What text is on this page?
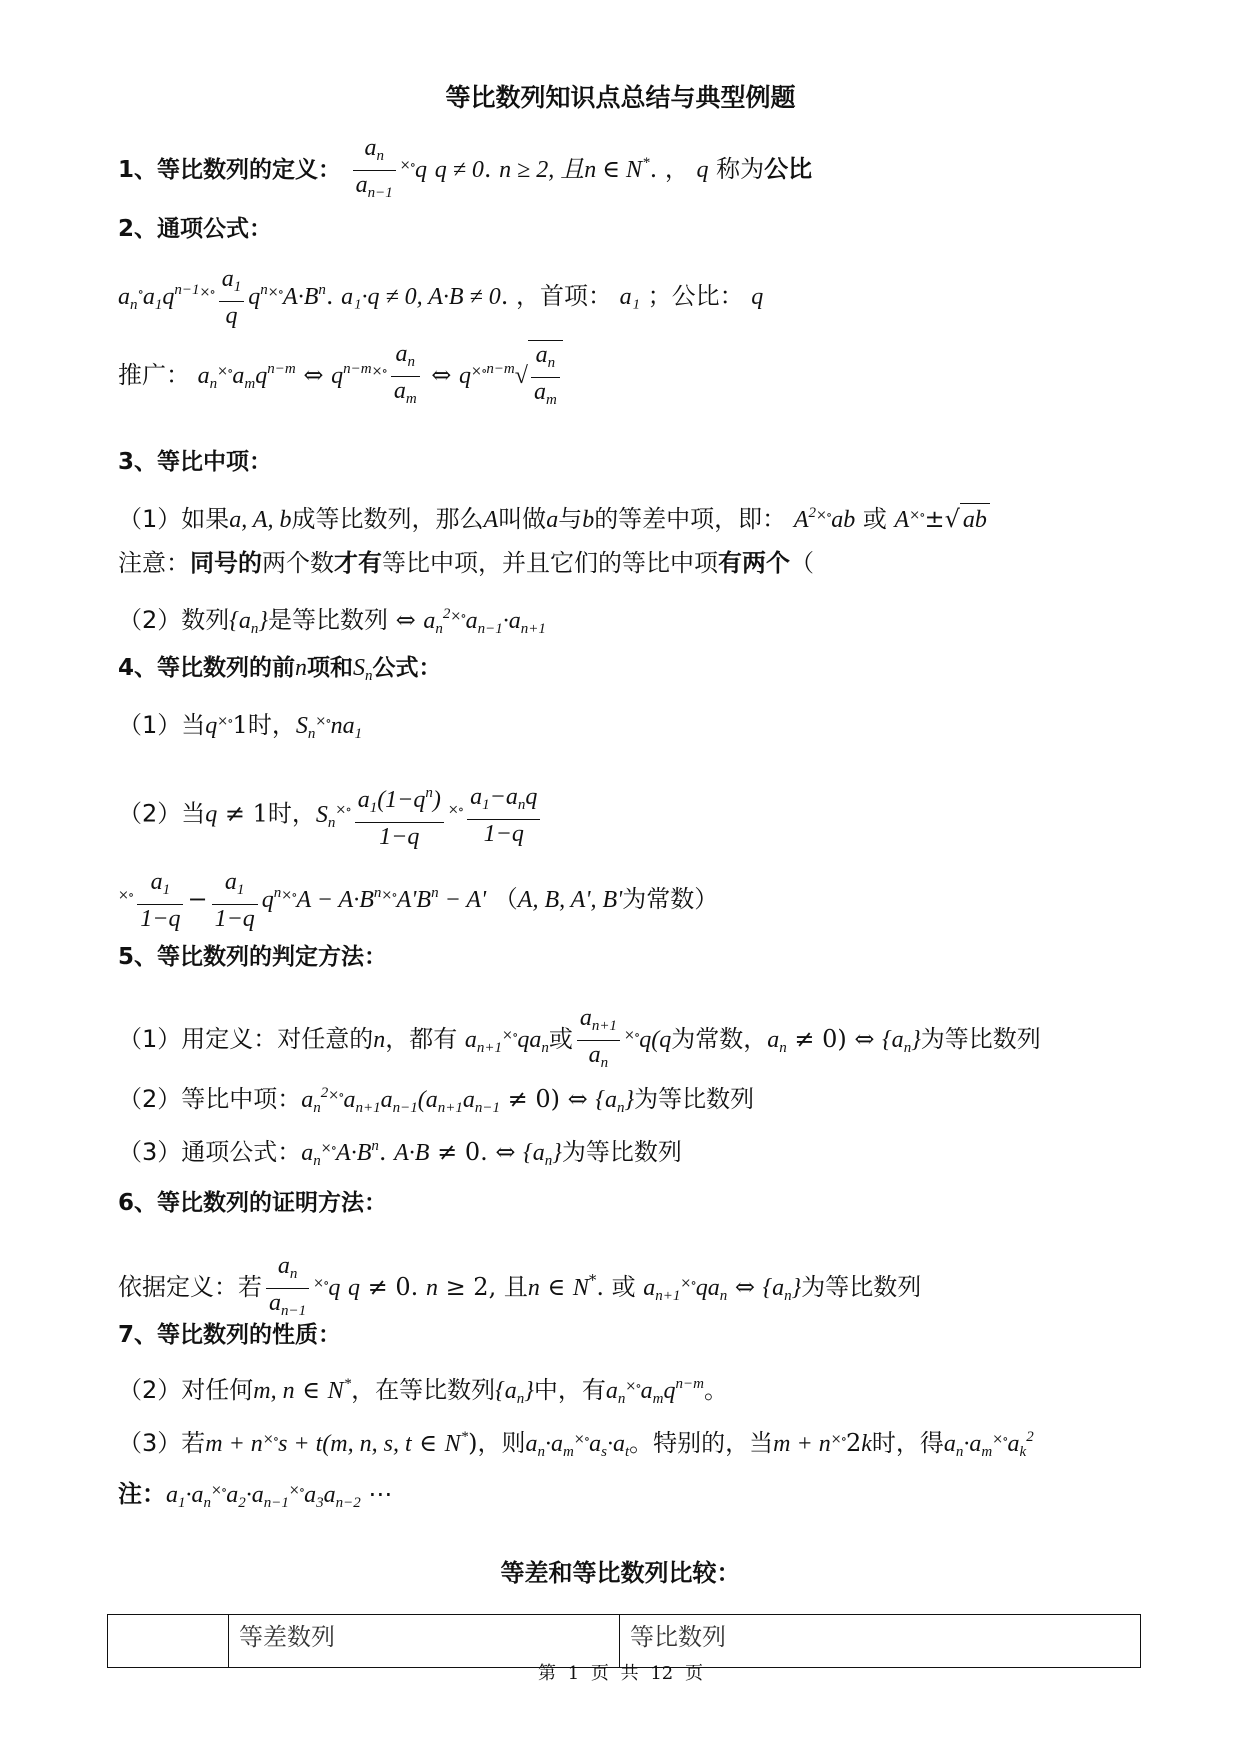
等比数列知识点总结与典型例题
1、等比数列的定义： $\frac{a_n}{a_{n-1}} ^{\times\circ}q$ q ≠ 0. n ≥ 2, 且n ∈ N*. ， q 称为公比
2、通项公式：
$a_n^\circ a_1q^{n-1\times\circ} \frac{a_1}{q} q^{n\times\circ}A\cdot B^n$. a₁·q ≠ 0, A·B ≠ 0. ，首项： a₁ ；公比： q
推广： $a_n^{\times\circ}a_mq^{n-m}$ ⇔ $q^{n-m\times\circ} \frac{a_n}{a_m}$ ⇔ $q^{\times\circ n-m}√ \frac{a_n}{a_m}$
3、等比中项：
（1）如果a, A, b成等比数列，那么A叫做a与b的等差中项，即： $A^{2\times\circ}ab$ 或 A×∘±√ ab
注意：同号的两个数才有等比中项，并且它们的等比中项有两个（
（2）数列$\{a_n\}$是等比数列 ⇔ $a_n^{2\times\circ}a_{n-1}\cdot a_{n+1}$
4、等比数列的前n项和$S_n$公式：
（1）当q×∘1时，$S_n^{\times\circ}na_1$
（2）当q ≠ 1时，$S_n^{\times\circ} \frac{a_1(1-q^n)}{1-q} ^{\times\circ} \frac{a_1-a_nq}{1-q}$
$^{\times\circ} \frac{a_1}{1-q} - \frac{a_1}{1-q} q^{n\times\circ}A - A\cdot B^{n\times\circ}A'B^n - A'$ （A, B, A', B'为常数）
5、等比数列的判定方法：
（1）用定义：对任意的n，都有 $a_{n+1}^{\times\circ}qa_n$或 $\frac{a_{n+1}}{a_n} ^{\times\circ}q(q$为常数，$a_n \ne 0$) ⇔ $\{a_n\}$为等比数列
（2）等比中项：$a_n^{2\times\circ}a_{n+1}a_{n-1}(a_{n+1}a_{n-1} \ne 0)$ ⇔ $\{a_n\}$为等比数列
（3）通项公式：$a_n^{\times\circ}A\cdot B^n$. A·B ≠ 0. ⇔ $\{a_n\}$为等比数列
6、等比数列的证明方法：
依据定义：若 $\frac{a_n}{a_{n-1}} ^{\times\circ}q$ q ≠ 0. n ≥ 2, 且n ∈ N*. 或 $a_{n+1}^{\times\circ}qa_n$ ⇔ $\{a_n\}$为等比数列
7、等比数列的性质：
（2）对任何m, n ∈ N*，在等比数列$\{a_n\}$中，有$a_n^{\times\circ}a_mq^{n-m}$。
（3）若m + n×∘s + t(m, n, s, t ∈ N*)，则$a_n\cdot a_m^{\times\circ}a_s\cdot a_t$。特别的，当m + n×∘2k时，得$a_n\cdot a_m^{\times\circ}a_k^2$
注：$a_1\cdot a_n^{\times\circ}a_2\cdot a_{n-1}^{\times\circ}a_3a_{n-2}$ ⋯
等差和等比数列比较：
	等差数列	等比数列
第 1 页 共 12 页
